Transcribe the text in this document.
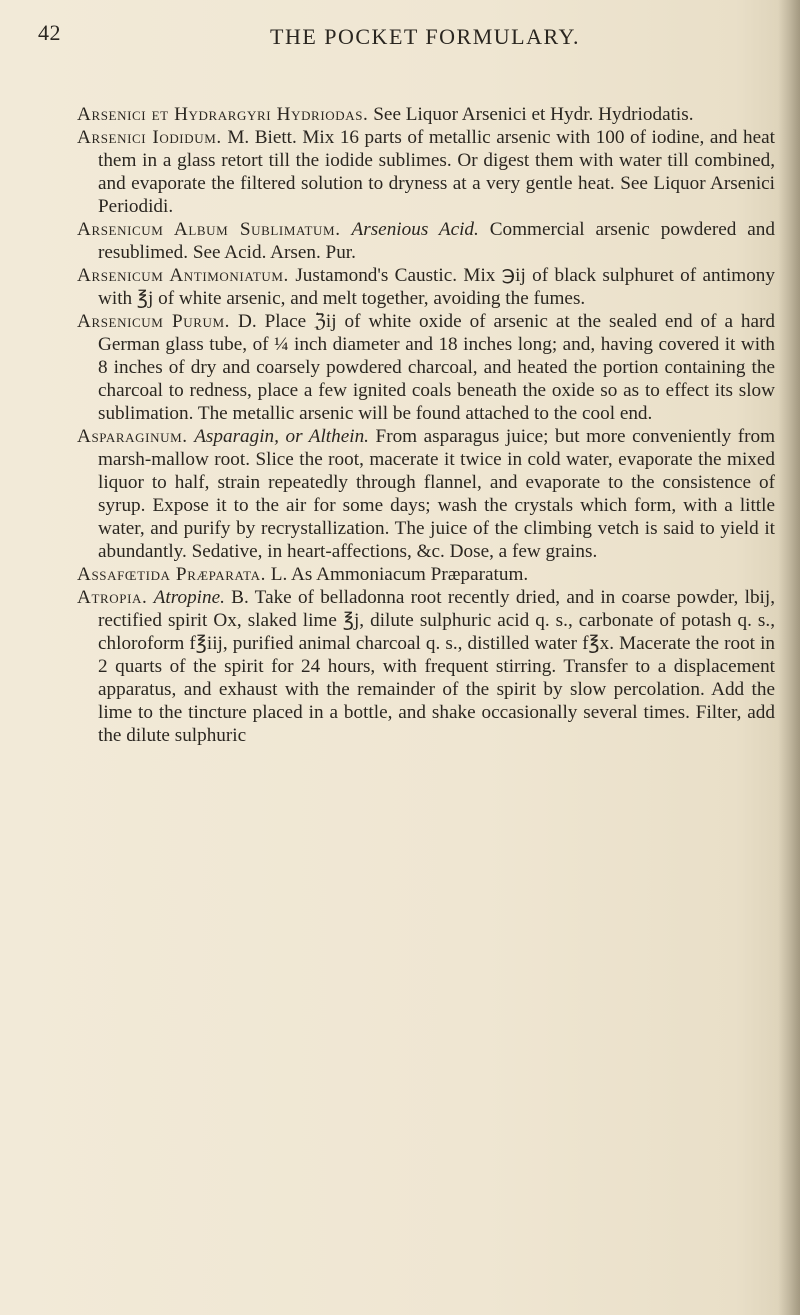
42	THE POCKET FORMULARY.

Arsenici et Hydrargyri Hydriodas. See Liquor Arsenici et Hydr. Hydriodatis.

Arsenici Iodidum. M. Biett. Mix 16 parts of metallic arsenic with 100 of iodine, and heat them in a glass retort till the iodide sublimes. Or digest them with water till combined, and evaporate the filtered solution to dryness at a very gentle heat. See Liquor Arsenici Periodidi.

Arsenicum Album Sublimatum. Arsenious Acid. Commercial arsenic powdered and resublimed. See Acid. Arsen. Pur.

Arsenicum Antimoniatum. Justamond's Caustic. Mix ℈ij of black sulphuret of antimony with ℥j of white arsenic, and melt together, avoiding the fumes.

Arsenicum Purum. D. Place ℨij of white oxide of arsenic at the sealed end of a hard German glass tube, of ¼ inch diameter and 18 inches long; and, having covered it with 8 inches of dry and coarsely powdered charcoal, and heated the portion containing the charcoal to redness, place a few ignited coals beneath the oxide so as to effect its slow sublimation. The metallic arsenic will be found attached to the cool end.

Asparaginum. Asparagin, or Althein. From asparagus juice; but more conveniently from marsh-mallow root. Slice the root, macerate it twice in cold water, evaporate the mixed liquor to half, strain repeatedly through flannel, and evaporate to the consistence of syrup. Expose it to the air for some days; wash the crystals which form, with a little water, and purify by recrystallization. The juice of the climbing vetch is said to yield it abundantly. Sedative, in heart-affections, &c. Dose, a few grains.

Assafœtida Præparata. L. As Ammoniacum Præparatum.

Atropia. Atropine. B. Take of belladonna root recently dried, and in coarse powder, lbij, rectified spirit Ox, slaked lime ℥j, dilute sulphuric acid q. s., carbonate of potash q. s., chloroform f℥iij, purified animal charcoal q. s., distilled water f℥x. Macerate the root in 2 quarts of the spirit for 24 hours, with frequent stirring. Transfer to a displacement apparatus, and exhaust with the remainder of the spirit by slow percolation. Add the lime to the tincture placed in a bottle, and shake occasionally several times. Filter, add the dilute sulphuric
